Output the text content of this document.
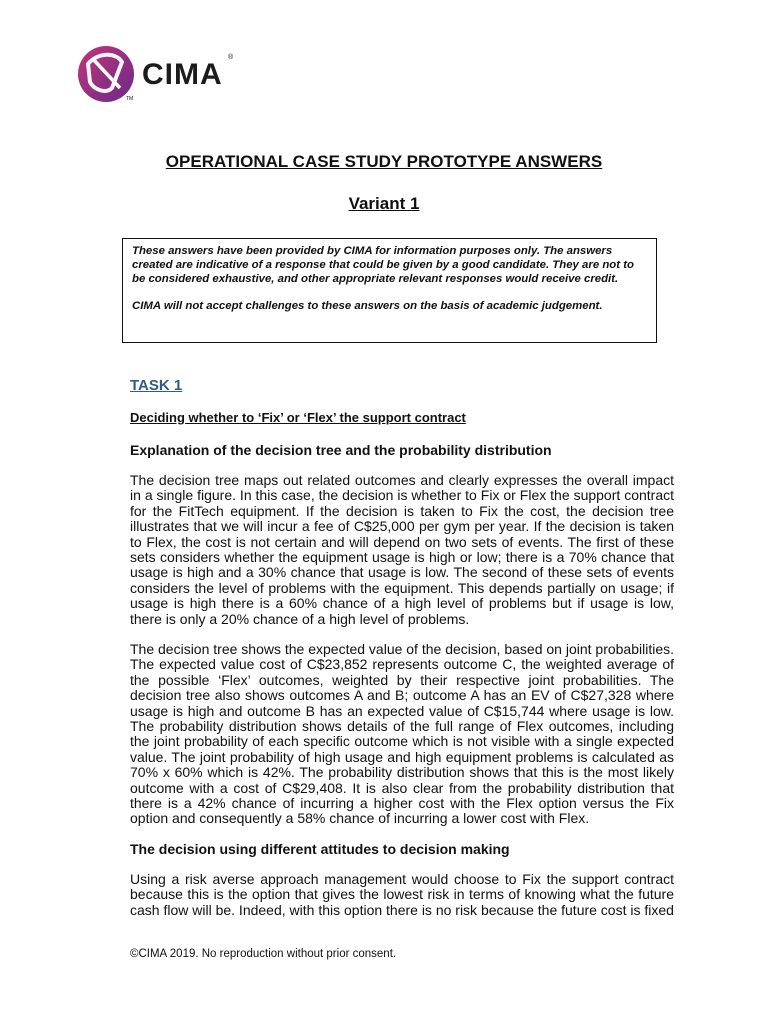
CIMA
TM
®
OPERATIONAL CASE STUDY PROTOTYPE ANSWERS
Variant 1

These answers have been provided by CIMA for information purposes only. The answers created are indicative of a response that could be given by a good candidate. They are not to be considered exhaustive, and other appropriate relevant responses would receive credit.

CIMA will not accept challenges to these answers on the basis of academic judgement.

TASK 1
Deciding whether to ‘Fix’ or ‘Flex’ the support contract
Explanation of the decision tree and the probability distribution

The decision tree maps out related outcomes and clearly expresses the overall impact in a single figure. In this case, the decision is whether to Fix or Flex the support contract for the FitTech equipment. If the decision is taken to Fix the cost, the decision tree illustrates that we will incur a fee of C$25,000 per gym per year. If the decision is taken to Flex, the cost is not certain and will depend on two sets of events. The first of these sets considers whether the equipment usage is high or low; there is a 70% chance that usage is high and a 30% chance that usage is low. The second of these sets of events considers the level of problems with the equipment. This depends partially on usage; if usage is high there is a 60% chance of a high level of problems but if usage is low, there is only a 20% chance of a high level of problems.

The decision tree shows the expected value of the decision, based on joint probabilities. The expected value cost of C$23,852 represents outcome C, the weighted average of the possible ‘Flex’ outcomes, weighted by their respective joint probabilities. The decision tree also shows outcomes A and B; outcome A has an EV of C$27,328 where usage is high and outcome B has an expected value of C$15,744 where usage is low. The probability distribution shows details of the full range of Flex outcomes, including the joint probability of each specific outcome which is not visible with a single expected value. The joint probability of high usage and high equipment problems is calculated as 70% x 60% which is 42%. The probability distribution shows that this is the most likely outcome with a cost of C$29,408. It is also clear from the probability distribution that there is a 42% chance of incurring a higher cost with the Flex option versus the Fix option and consequently a 58% chance of incurring a lower cost with Flex.

The decision using different attitudes to decision making

Using a risk averse approach management would choose to Fix the support contract because this is the option that gives the lowest risk in terms of knowing what the future cash flow will be. Indeed, with this option there is no risk because the future cost is fixed

©CIMA 2019. No reproduction without prior consent.
